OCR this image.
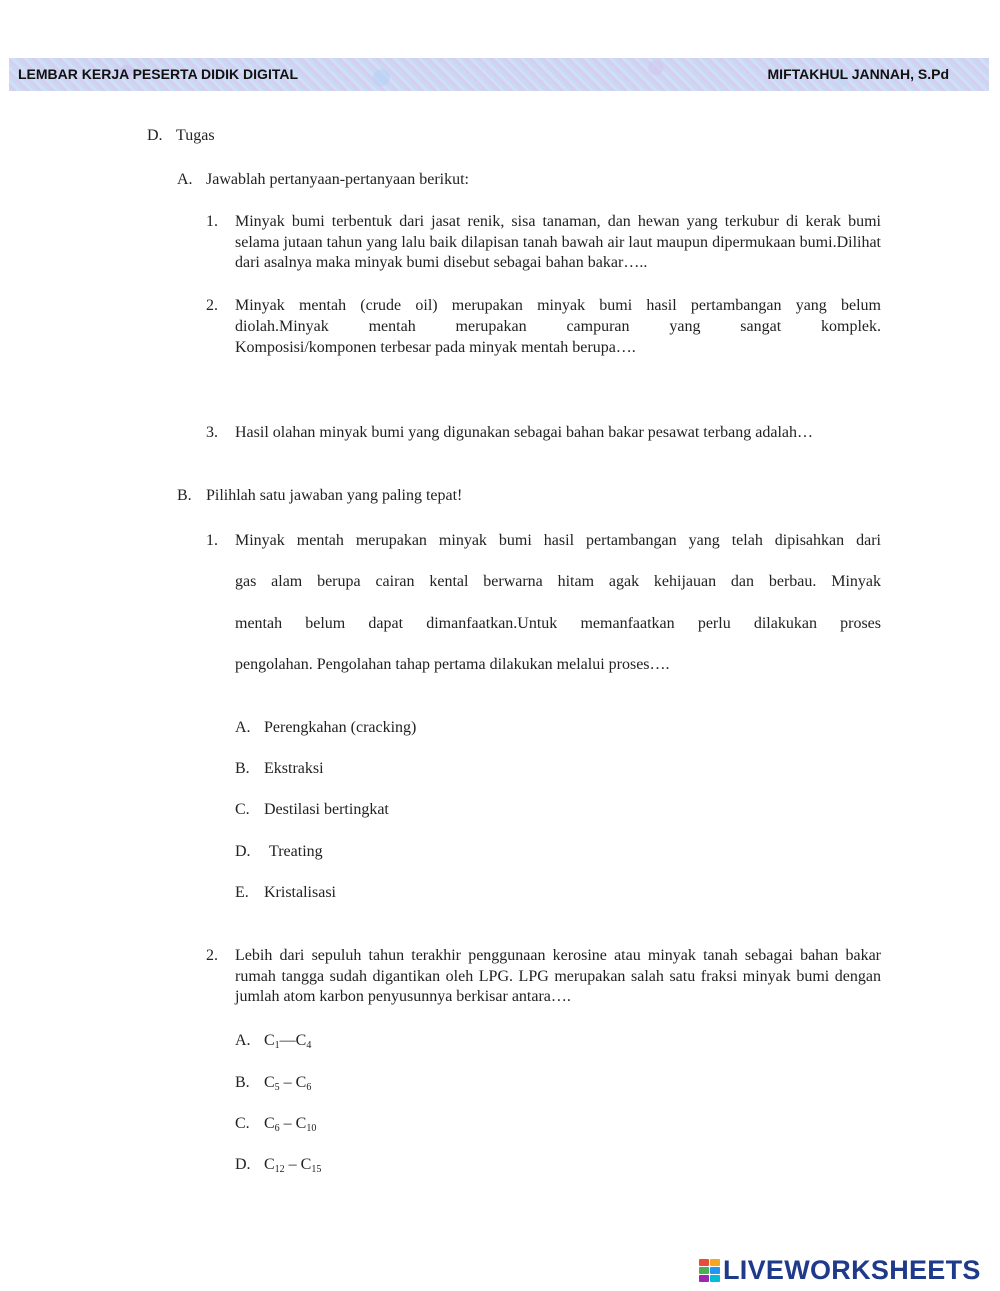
LEMBAR KERJA PESERTA DIDIK DIGITAL	MIFTAKHUL JANNAH, S.Pd
D. Tugas
A. Jawablah pertanyaan-pertanyaan berikut:
1. Minyak bumi terbentuk dari jasat renik, sisa tanaman, dan hewan yang terkubur di kerak bumi selama jutaan tahun yang lalu baik dilapisan tanah bawah air laut maupun dipermukaan bumi.Dilihat dari asalnya maka minyak bumi disebut sebagai bahan bakar…..

2. Minyak mentah (crude oil) merupakan minyak bumi hasil pertambangan yang belum

diolah.Minyak mentah merupakan campuran yang sangat komplek.

Komposisi/komponen terbesar pada minyak mentah berupa….
3. Hasil olahan minyak bumi yang digunakan sebagai bahan bakar pesawat terbang adalah…

B. Pilihlah satu jawaban yang paling tepat!
1. Minyak mentah merupakan minyak bumi hasil pertambangan yang telah dipisahkan dari

gas alam berupa cairan kental berwarna hitam agak kehijauan dan berbau. Minyak

mentah belum dapat dimanfaatkan.Untuk memanfaatkan perlu dilakukan proses

pengolahan. Pengolahan tahap pertama dilakukan melalui proses….
A. Perengkahan (cracking)
B. Ekstraksi
C. Destilasi bertingkat
D. Treating
E. Kristalisasi
2. Lebih dari sepuluh tahun terakhir penggunaan kerosine atau minyak tanah sebagai bahan bakar rumah tangga sudah digantikan oleh LPG. LPG merupakan salah satu fraksi minyak bumi dengan jumlah atom karbon penyusunnya berkisar antara….

A. $C_1—C_4$
B. $C_5 - C_6$
C. $C_6 - C_{10}$
D. $C_{12} - C_{15}$
LIVEWORKSHEETS
